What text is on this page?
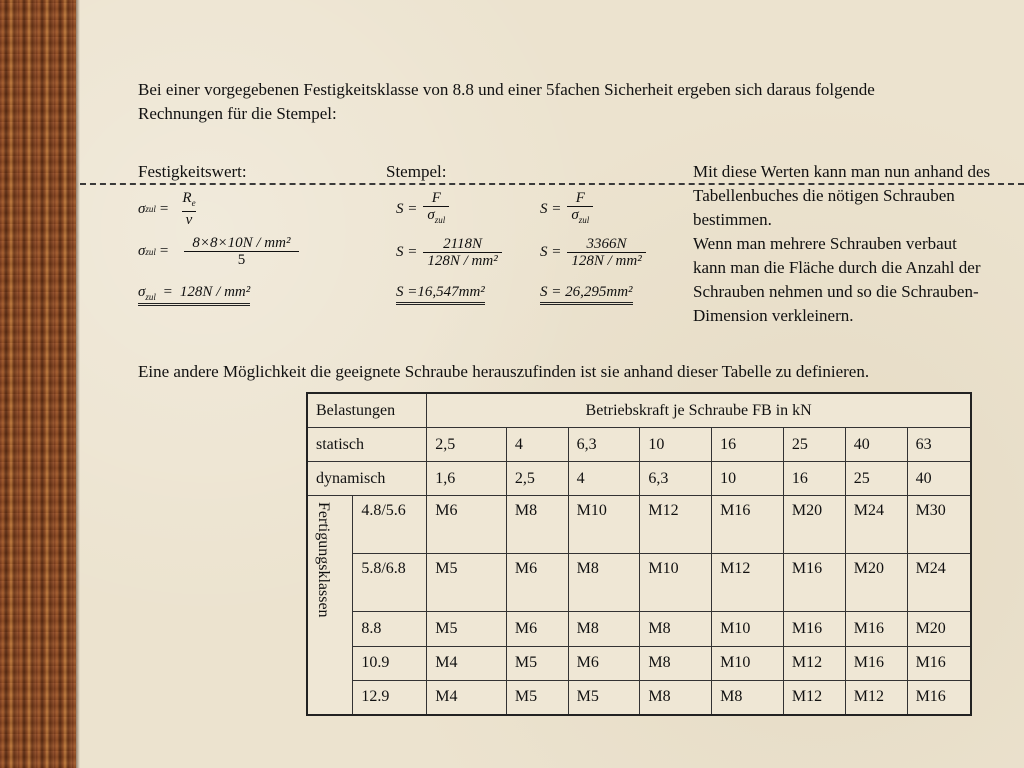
Bei einer vorgegebenen Festigkeitsklasse von 8.8 und einer 5fachen Sicherheit ergeben sich daraus folgende Rechnungen für die Stempel:
Festigkeitswert:	Stempel:	Mit diese Werten kann man nun anhand des Tabellenbuches die nötigen Schrauben bestimmen.

Wenn man mehrere Schrauben verbaut kann man die Fläche durch die Anzahl der Schrauben nehmen und so die Schrauben-Dimension verkleinern.

σ zul = $\frac{R_e}{v}$
σ zul = $\frac{\text{8×8×10N / mm²}}{5}$
$\sigma_{zul} = 128N / mm^2$
$S = \frac{F}{\sigma_{zul}}$
$S = \frac{2118N}{\text{128N / mm²}}$
S =16,547mm²
$S = \frac{F}{\sigma_{zul}}$
$S = \frac{3366N}{\text{128N / mm²}}$
S = 26,295mm²
Eine andere Möglichkeit die geeignete Schraube herauszufinden ist sie anhand dieser Tabelle zu definieren.
Belastungen		Betriebskraft je Schraube FB in kN							
statisch		2,5	4	6,3	10	16	25	40	63
dynamisch		1,6	2,5	4	6,3	10	16	25	40
Fertigungsklassen	4.8/5.6	M6	M8	M10	M12	M16	M20	M24	M30
	5.8/6.8	M5	M6	M8	M10	M12	M16	M20	M24
	8.8	M5	M6	M8	M8	M10	M16	M16	M20
	10.9	M4	M5	M6	M8	M10	M12	M16	M16
	12.9	M4	M5	M5	M8	M8	M12	M12	M16
